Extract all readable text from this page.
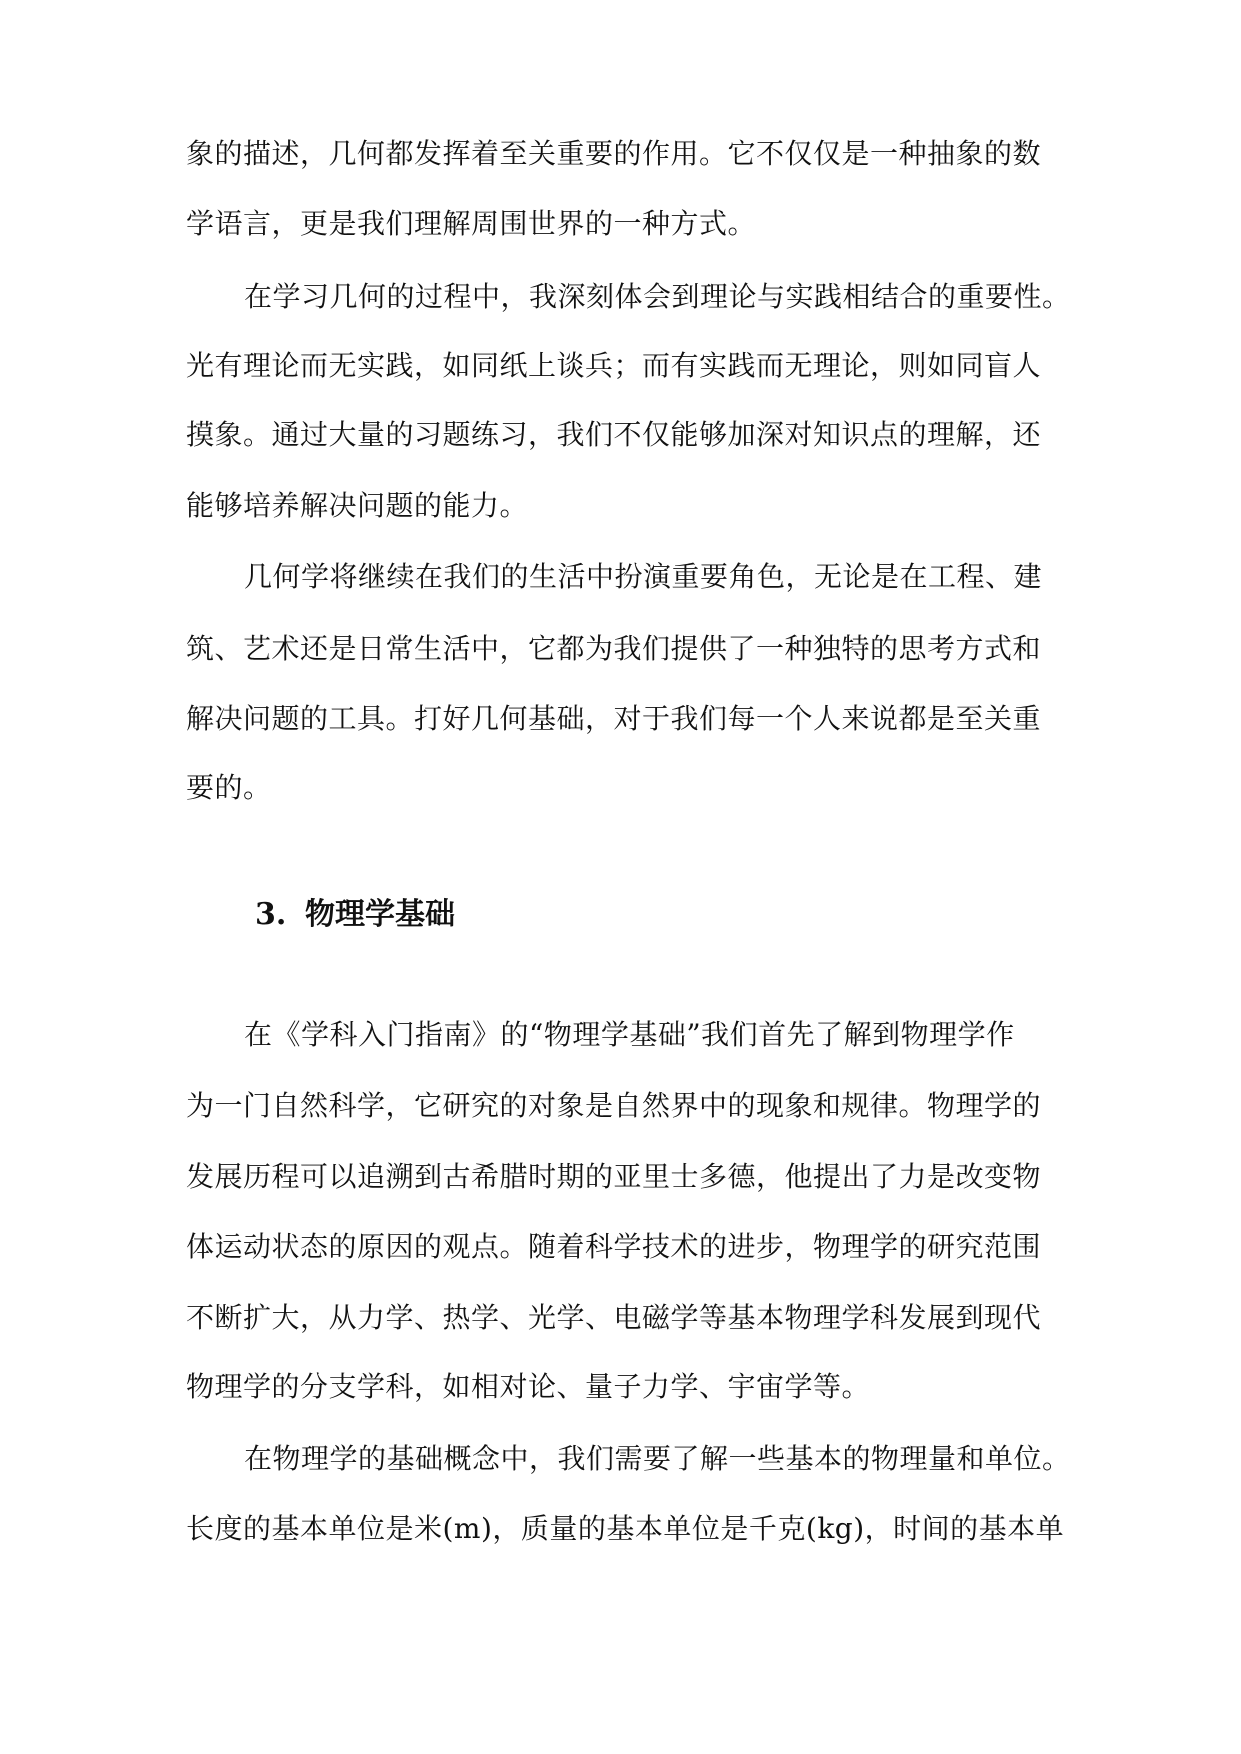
象的描述，几何都发挥着至关重要的作用。它不仅仅是一种抽象的数
学语言，更是我们理解周围世界的一种方式。
在学习几何的过程中，我深刻体会到理论与实践相结合的重要性。
光有理论而无实践，如同纸上谈兵；而有实践而无理论，则如同盲人
摸象。通过大量的习题练习，我们不仅能够加深对知识点的理解，还
能够培养解决问题的能力。
几何学将继续在我们的生活中扮演重要角色，无论是在工程、建
筑、艺术还是日常生活中，它都为我们提供了一种独特的思考方式和
解决问题的工具。打好几何基础，对于我们每一个人来说都是至关重
要的。
3. 物理学基础
在《学科入门指南》的“物理学基础”我们首先了解到物理学作
为一门自然科学，它研究的对象是自然界中的现象和规律。物理学的
发展历程可以追溯到古希腊时期的亚里士多德，他提出了力是改变物
体运动状态的原因的观点。随着科学技术的进步，物理学的研究范围
不断扩大，从力学、热学、光学、电磁学等基本物理学科发展到现代
物理学的分支学科，如相对论、量子力学、宇宙学等。
在物理学的基础概念中，我们需要了解一些基本的物理量和单位。
长度的基本单位是米(m)，质量的基本单位是千克(kg)，时间的基本单
